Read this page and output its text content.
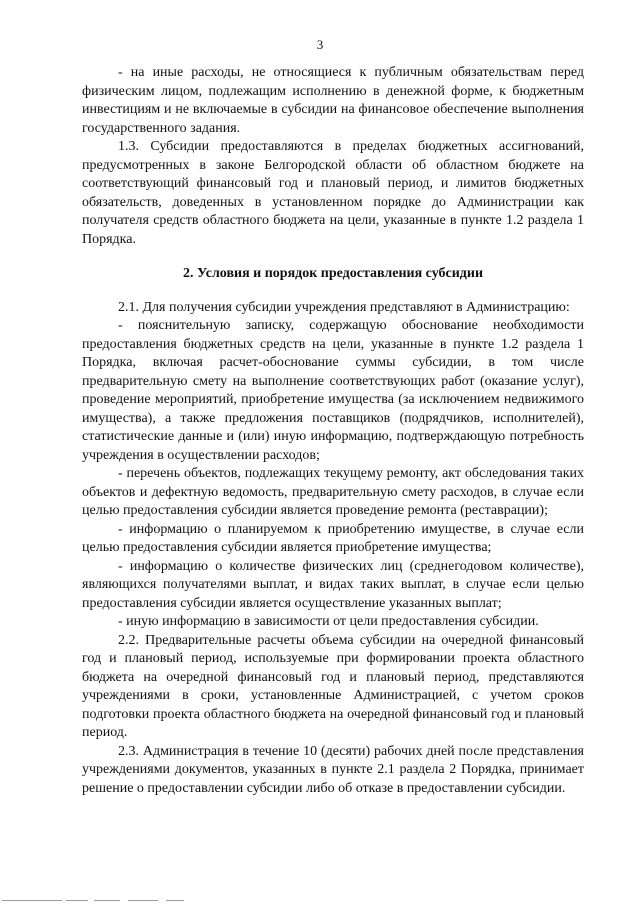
3

- на иные расходы, не относящиеся к публичным обязательствам перед физическим лицом, подлежащим исполнению в денежной форме, к бюджетным инвестициям и не включаемые в субсидии на финансовое обеспечение выполнения государственного задания.

1.3. Субсидии предоставляются в пределах бюджетных ассигнований, предусмотренных в законе Белгородской области об областном бюджете на соответствующий финансовый год и плановый период, и лимитов бюджетных обязательств, доведенных в установленном порядке до Администрации как получателя средств областного бюджета на цели, указанные в пункте 1.2 раздела 1 Порядка.

2. Условия и порядок предоставления субсидии

2.1. Для получения субсидии учреждения представляют в Администрацию:

- пояснительную записку, содержащую обоснование необходимости предоставления бюджетных средств на цели, указанные в пункте 1.2 раздела 1 Порядка, включая расчет-обоснование суммы субсидии, в том числе предварительную смету на выполнение соответствующих работ (оказание услуг), проведение мероприятий, приобретение имущества (за исключением недвижимого имущества), а также предложения поставщиков (подрядчиков, исполнителей), статистические данные и (или) иную информацию, подтверждающую потребность учреждения в осуществлении расходов;

- перечень объектов, подлежащих текущему ремонту, акт обследования таких объектов и дефектную ведомость, предварительную смету расходов, в случае если целью предоставления субсидии является проведение ремонта (реставрации);

- информацию о планируемом к приобретению имуществе, в случае если целью предоставления субсидии является приобретение имущества;

- информацию о количестве физических лиц (среднегодовом количестве), являющихся получателями выплат, и видах таких выплат, в случае если целью предоставления субсидии является осуществление указанных выплат;

- иную информацию в зависимости от цели предоставления субсидии.

2.2. Предварительные расчеты объема субсидии на очередной финансовый год и плановый период, используемые при формировании проекта областного бюджета на очередной финансовый год и плановый период, представляются учреждениями в сроки, установленные Администрацией, с учетом сроков подготовки проекта областного бюджета на очередной финансовый год и плановый период.

2.3. Администрация в течение 10 (десяти) рабочих дней после представления учреждениями документов, указанных в пункте 2.1 раздела 2 Порядка, принимает решение о предоставлении субсидии либо об отказе в предоставлении субсидии.
